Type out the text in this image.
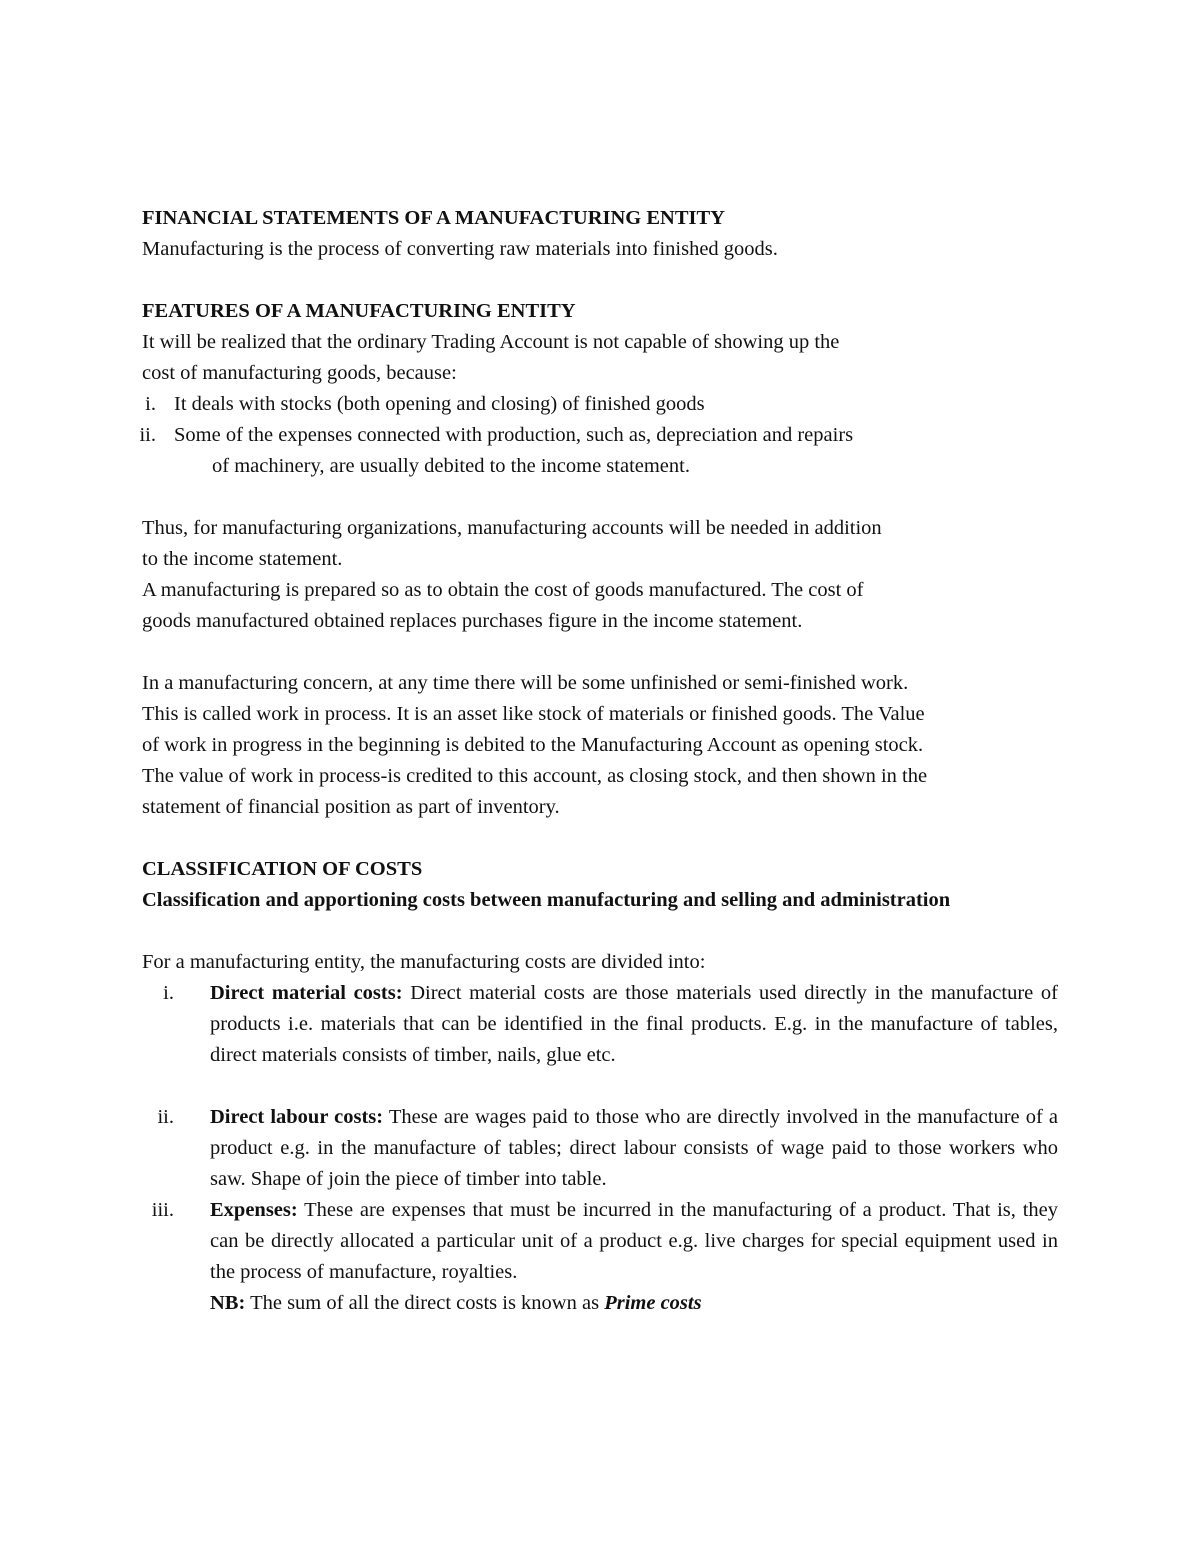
FINANCIAL STATEMENTS OF A MANUFACTURING ENTITY

Manufacturing is the process of converting raw materials into finished goods.

FEATURES OF A MANUFACTURING ENTITY

It will be realized that the ordinary Trading Account is not capable of showing up the

cost of manufacturing goods, because:

i. It deals with stocks (both opening and closing) of finished goods
ii. Some of the expenses connected with production, such as, depreciation and repairs
of machinery, are usually debited to the income statement.

Thus, for manufacturing organizations, manufacturing accounts will be needed in addition

to the income statement.

A manufacturing is prepared so as to obtain the cost of goods manufactured. The cost of

goods manufactured obtained replaces purchases figure in the income statement.

In a manufacturing concern, at any time there will be some unfinished or semi-finished work.

This is called work in process. It is an asset like stock of materials or finished goods. The Value

of work in progress in the beginning is debited to the Manufacturing Account as opening stock.

The value of work in process-is credited to this account, as closing stock, and then shown in the

statement of financial position as part of inventory.

CLASSIFICATION OF COSTS

Classification and apportioning costs between manufacturing and selling and administration

For a manufacturing entity, the manufacturing costs are divided into:

i. Direct material costs: Direct material costs are those materials used directly in the manufacture of products i.e. materials that can be identified in the final products. E.g. in the manufacture of tables, direct materials consists of timber, nails, glue etc.
ii. Direct labour costs: These are wages paid to those who are directly involved in the manufacture of a product e.g. in the manufacture of tables; direct labour consists of wage paid to those workers who saw. Shape of join the piece of timber into table.
iii. Expenses: These are expenses that must be incurred in the manufacturing of a product. That is, they can be directly allocated a particular unit of a product e.g. live charges for special equipment used in the process of manufacture, royalties.
NB: The sum of all the direct costs is known as Prime costs
